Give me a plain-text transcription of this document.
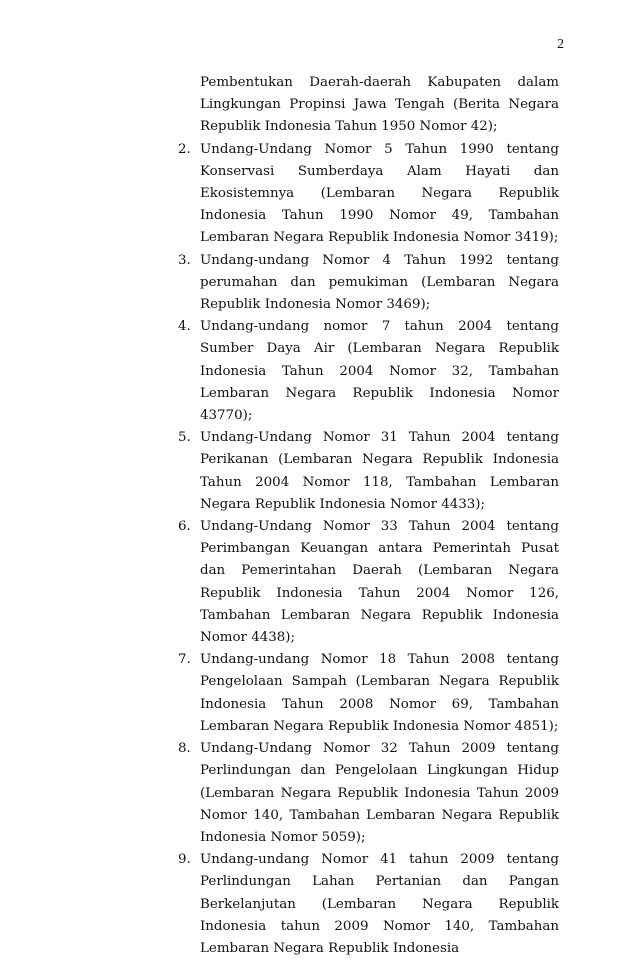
2

Pembentukan Daerah-daerah Kabupaten dalam Lingkungan Propinsi Jawa Tengah (Berita Negara Republik Indonesia Tahun 1950 Nomor 42);

2. Undang-Undang Nomor 5 Tahun 1990 tentang Konservasi Sumberdaya Alam Hayati dan Ekosistemnya (Lembaran Negara Republik Indonesia Tahun 1990 Nomor 49, Tambahan Lembaran Negara Republik Indonesia Nomor 3419);
3. Undang-undang Nomor 4 Tahun 1992 tentang perumahan dan pemukiman (Lembaran Negara Republik Indonesia Nomor 3469);
4. Undang-undang nomor 7 tahun 2004 tentang Sumber Daya Air (Lembaran Negara Republik Indonesia Tahun 2004 Nomor 32, Tambahan Lembaran Negara Republik Indonesia Nomor 43770);
5. Undang-Undang Nomor 31 Tahun 2004 tentang Perikanan (Lembaran Negara Republik Indonesia Tahun 2004 Nomor 118, Tambahan Lembaran Negara Republik Indonesia Nomor 4433);
6. Undang-Undang Nomor 33 Tahun 2004 tentang Perimbangan Keuangan antara Pemerintah Pusat dan Pemerintahan Daerah (Lembaran Negara Republik Indonesia Tahun 2004 Nomor 126, Tambahan Lembaran Negara Republik Indonesia Nomor 4438);
7. Undang-undang Nomor 18 Tahun 2008 tentang Pengelolaan Sampah (Lembaran Negara Republik Indonesia Tahun 2008 Nomor 69, Tambahan Lembaran Negara Republik Indonesia Nomor 4851);
8. Undang-Undang Nomor 32 Tahun 2009 tentang Perlindungan dan Pengelolaan Lingkungan Hidup (Lembaran Negara Republik Indonesia Tahun 2009 Nomor 140, Tambahan Lembaran Negara Republik Indonesia Nomor 5059);
9. Undang-undang Nomor 41 tahun 2009 tentang Perlindungan Lahan Pertanian dan Pangan Berkelanjutan (Lembaran Negara Republik Indonesia tahun 2009 Nomor 140, Tambahan Lembaran Negara Republik Indonesia
